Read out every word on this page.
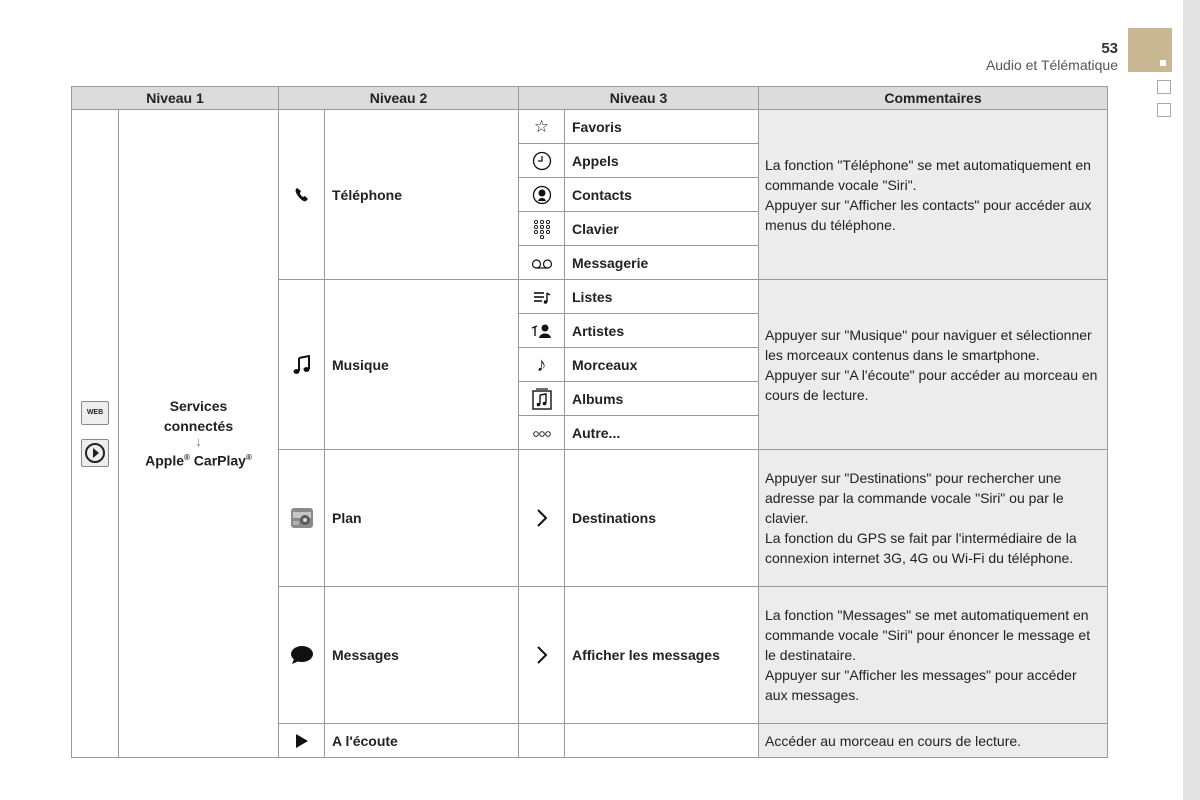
53
Audio et Télématique
Niveau 1		Niveau 2		Niveau 3		Commentaires

WEB	Services
connectés
↓
Apple® CarPlay®		Téléphone	☆	Favoris	La fonction "Téléphone" se met automatiquement en commande vocale "Siri".
Appuyer sur "Afficher les contacts" pour accéder aux menus du téléphone.

	Appels	
	Contacts	
	Clavier	
	Messagerie	
	Musique		Listes	Appuyer sur "Musique" pour naviguer et sélectionner les morceaux contenus dans le smartphone.
Appuyer sur "A l'écoute" pour accéder au morceau en cours de lecture.

	Artistes	
				♪	Morceaux	
	Albums	
	Autre...	
	Plan		Destinations	Appuyer sur "Destinations" pour rechercher une adresse par la commande vocale "Siri" ou par le clavier.
La fonction du GPS se fait par l'intermédiaire de la connexion internet 3G, 4G ou Wi-Fi du téléphone.

	Messages		Afficher les messages	La fonction "Messages" se met automatiquement en commande vocale "Siri" pour énoncer le message et le destinataire.
Appuyer sur "Afficher les messages" pour accéder aux messages.

	A l'écoute			Accéder au morceau en cours de lecture.
